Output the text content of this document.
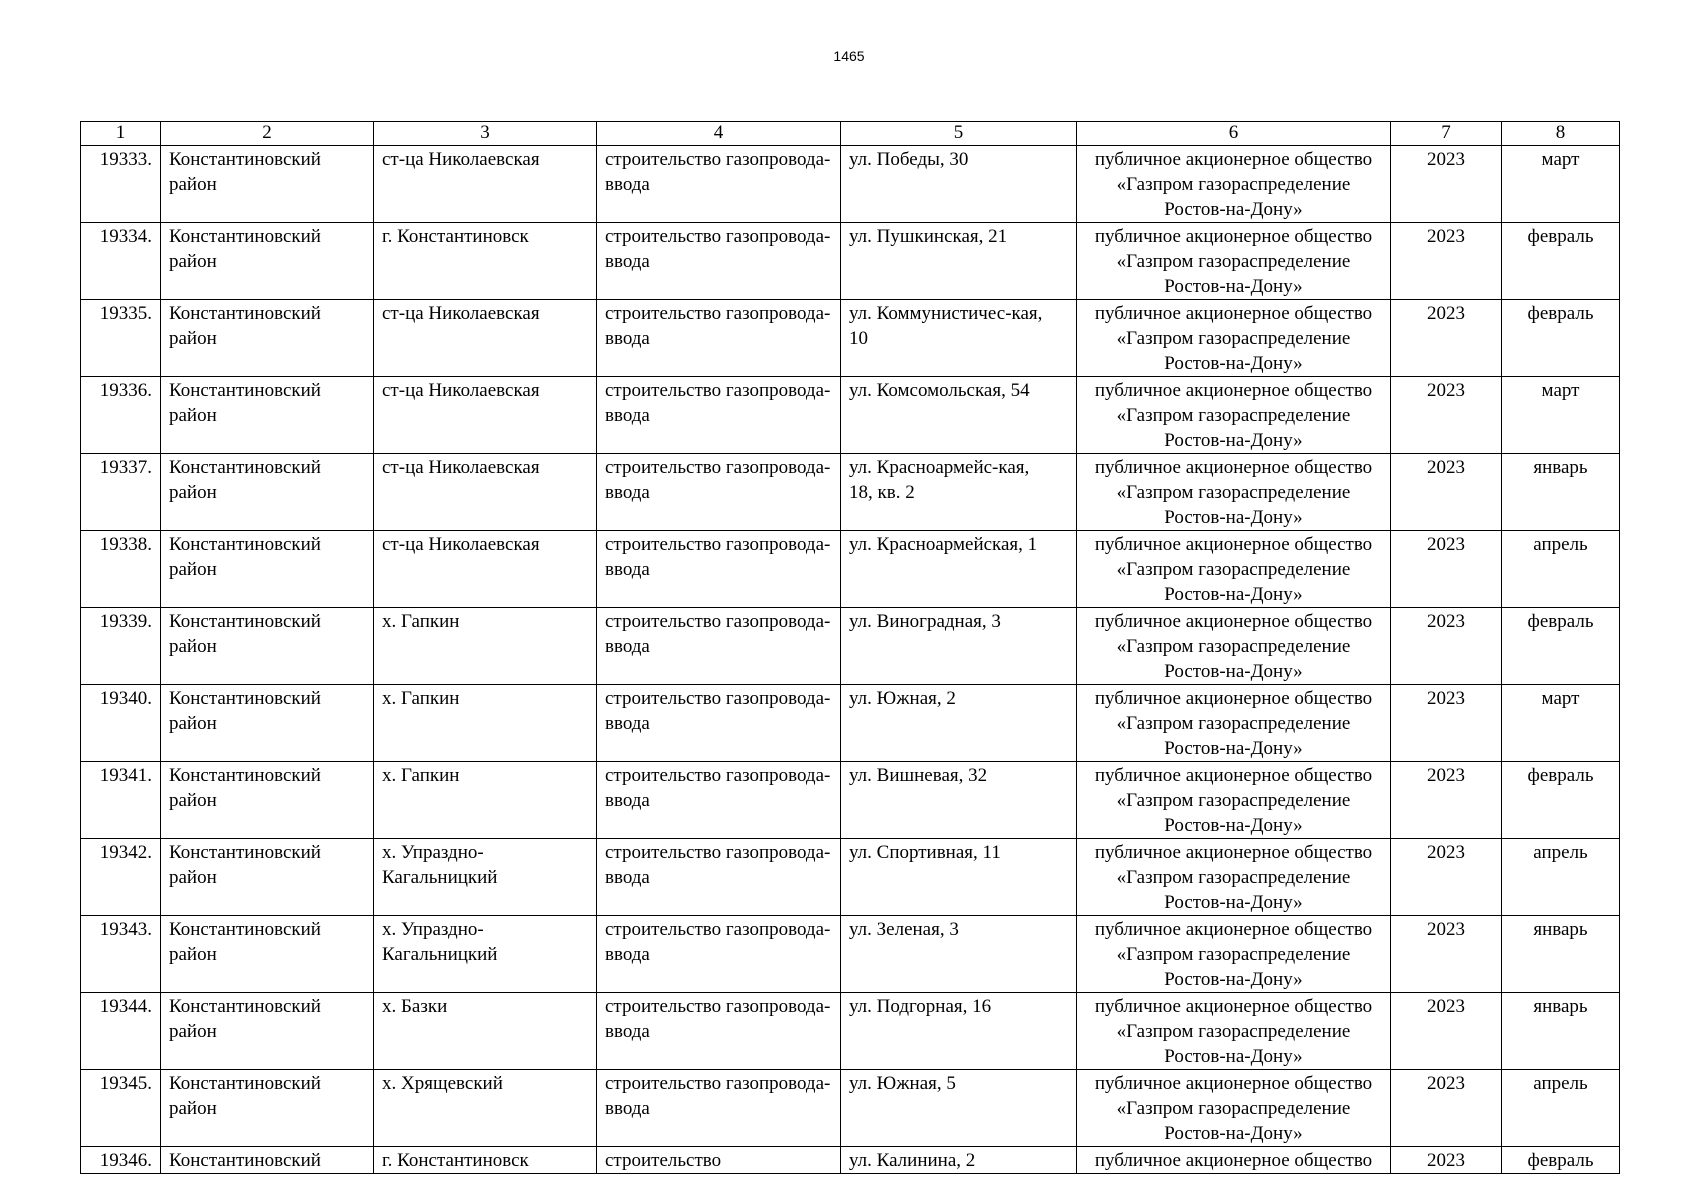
1465
1	2	3	4	5	6	7	8
19333.	Константиновский район	ст-ца Николаевская	строительство газопровода-ввода	ул. Победы, 30	публичное акционерное общество
«Газпром газораспределение
Ростов-на-Дону»	2023	март
19334.	Константиновский район	г. Константиновск	строительство газопровода-ввода	ул. Пушкинская, 21	публичное акционерное общество
«Газпром газораспределение
Ростов-на-Дону»	2023	февраль
19335.	Константиновский район	ст-ца Николаевская	строительство газопровода-ввода	ул. Коммунистичес-кая,
10	публичное акционерное общество
«Газпром газораспределение
Ростов-на-Дону»	2023	февраль
19336.	Константиновский район	ст-ца Николаевская	строительство газопровода-ввода	ул. Комсомольская, 54	публичное акционерное общество
«Газпром газораспределение
Ростов-на-Дону»	2023	март
19337.	Константиновский район	ст-ца Николаевская	строительство газопровода-ввода	ул. Красноармейс-кая,
18, кв. 2	публичное акционерное общество
«Газпром газораспределение
Ростов-на-Дону»	2023	январь
19338.	Константиновский район	ст-ца Николаевская	строительство газопровода-ввода	ул. Красноармейская, 1	публичное акционерное общество
«Газпром газораспределение
Ростов-на-Дону»	2023	апрель
19339.	Константиновский район	х. Гапкин	строительство газопровода-ввода	ул. Виноградная, 3	публичное акционерное общество
«Газпром газораспределение
Ростов-на-Дону»	2023	февраль
19340.	Константиновский район	х. Гапкин	строительство газопровода-ввода	ул. Южная, 2	публичное акционерное общество
«Газпром газораспределение
Ростов-на-Дону»	2023	март
19341.	Константиновский район	х. Гапкин	строительство газопровода-ввода	ул. Вишневая, 32	публичное акционерное общество
«Газпром газораспределение
Ростов-на-Дону»	2023	февраль
19342.	Константиновский район	х. Упраздно-Кагальницкий	строительство газопровода-ввода	ул. Спортивная, 11	публичное акционерное общество
«Газпром газораспределение
Ростов-на-Дону»	2023	апрель
19343.	Константиновский район	х. Упраздно-Кагальницкий	строительство газопровода-ввода	ул. Зеленая, 3	публичное акционерное общество
«Газпром газораспределение
Ростов-на-Дону»	2023	январь
19344.	Константиновский район	х. Базки	строительство газопровода-ввода	ул. Подгорная, 16	публичное акционерное общество
«Газпром газораспределение
Ростов-на-Дону»	2023	январь
19345.	Константиновский район	х. Хрящевский	строительство газопровода-ввода	ул. Южная, 5	публичное акционерное общество
«Газпром газораспределение
Ростов-на-Дону»	2023	апрель
19346.	Константиновский	г. Константиновск	строительство	ул. Калинина, 2	публичное акционерное общество	2023	февраль
